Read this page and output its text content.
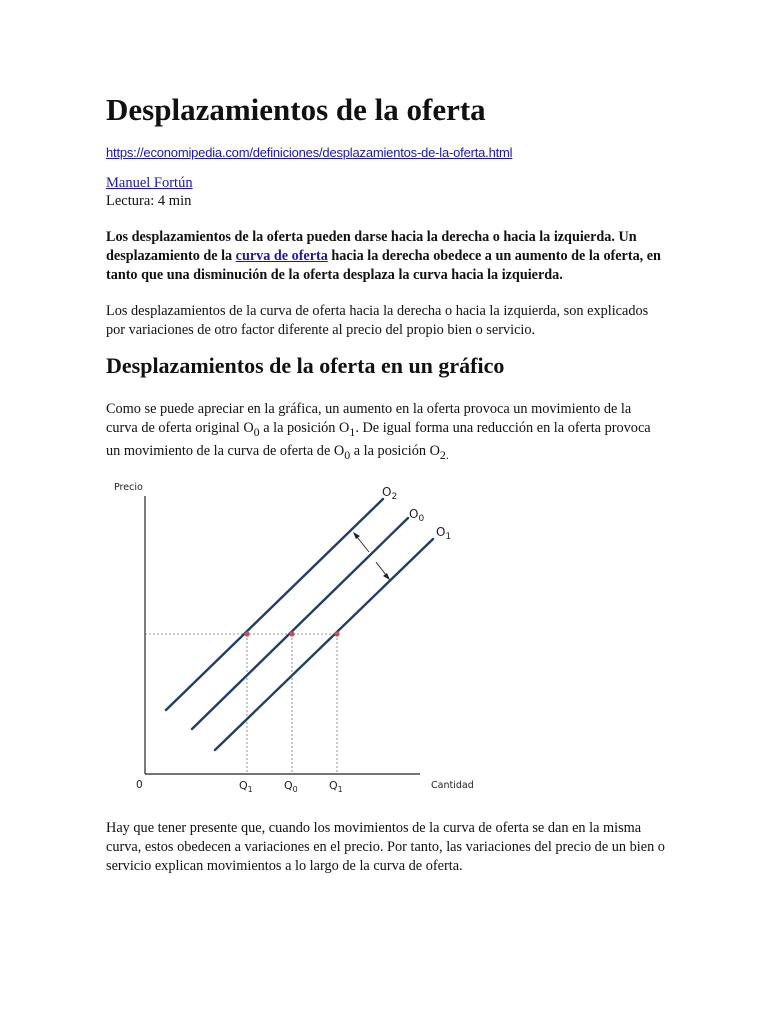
Desplazamientos de la oferta
https://economipedia.com/definiciones/desplazamientos-de-la-oferta.html
Manuel Fortún
Lectura: 4 min
Los desplazamientos de la oferta pueden darse hacia la derecha o hacia la izquierda. Un desplazamiento de la curva de oferta hacia la derecha obedece a un aumento de la oferta, en tanto que una disminución de la oferta desplaza la curva hacia la izquierda.

Los desplazamientos de la curva de oferta hacia la derecha o hacia la izquierda, son explicados por variaciones de otro factor diferente al precio del propio bien o servicio.

Desplazamientos de la oferta en un gráfico

Como se puede apreciar en la gráfica, un aumento en la oferta provoca un movimiento de la curva de oferta original $O_0$ a la posición $O_1$. De igual forma una reducción en la oferta provoca un movimiento de la curva de oferta de $O_0$ a la posición $O_{2.}$

Hay que tener presente que, cuando los movimientos de la curva de oferta se dan en la misma curva, estos obedecen a variaciones en el precio. Por tanto, las variaciones del precio de un bien o servicio explican movimientos a lo largo de la curva de oferta.

Precio
Cantidad
0
$O_2$
$O_0$
$O_1$
$Q_1$	$Q_0$	$Q_1$
